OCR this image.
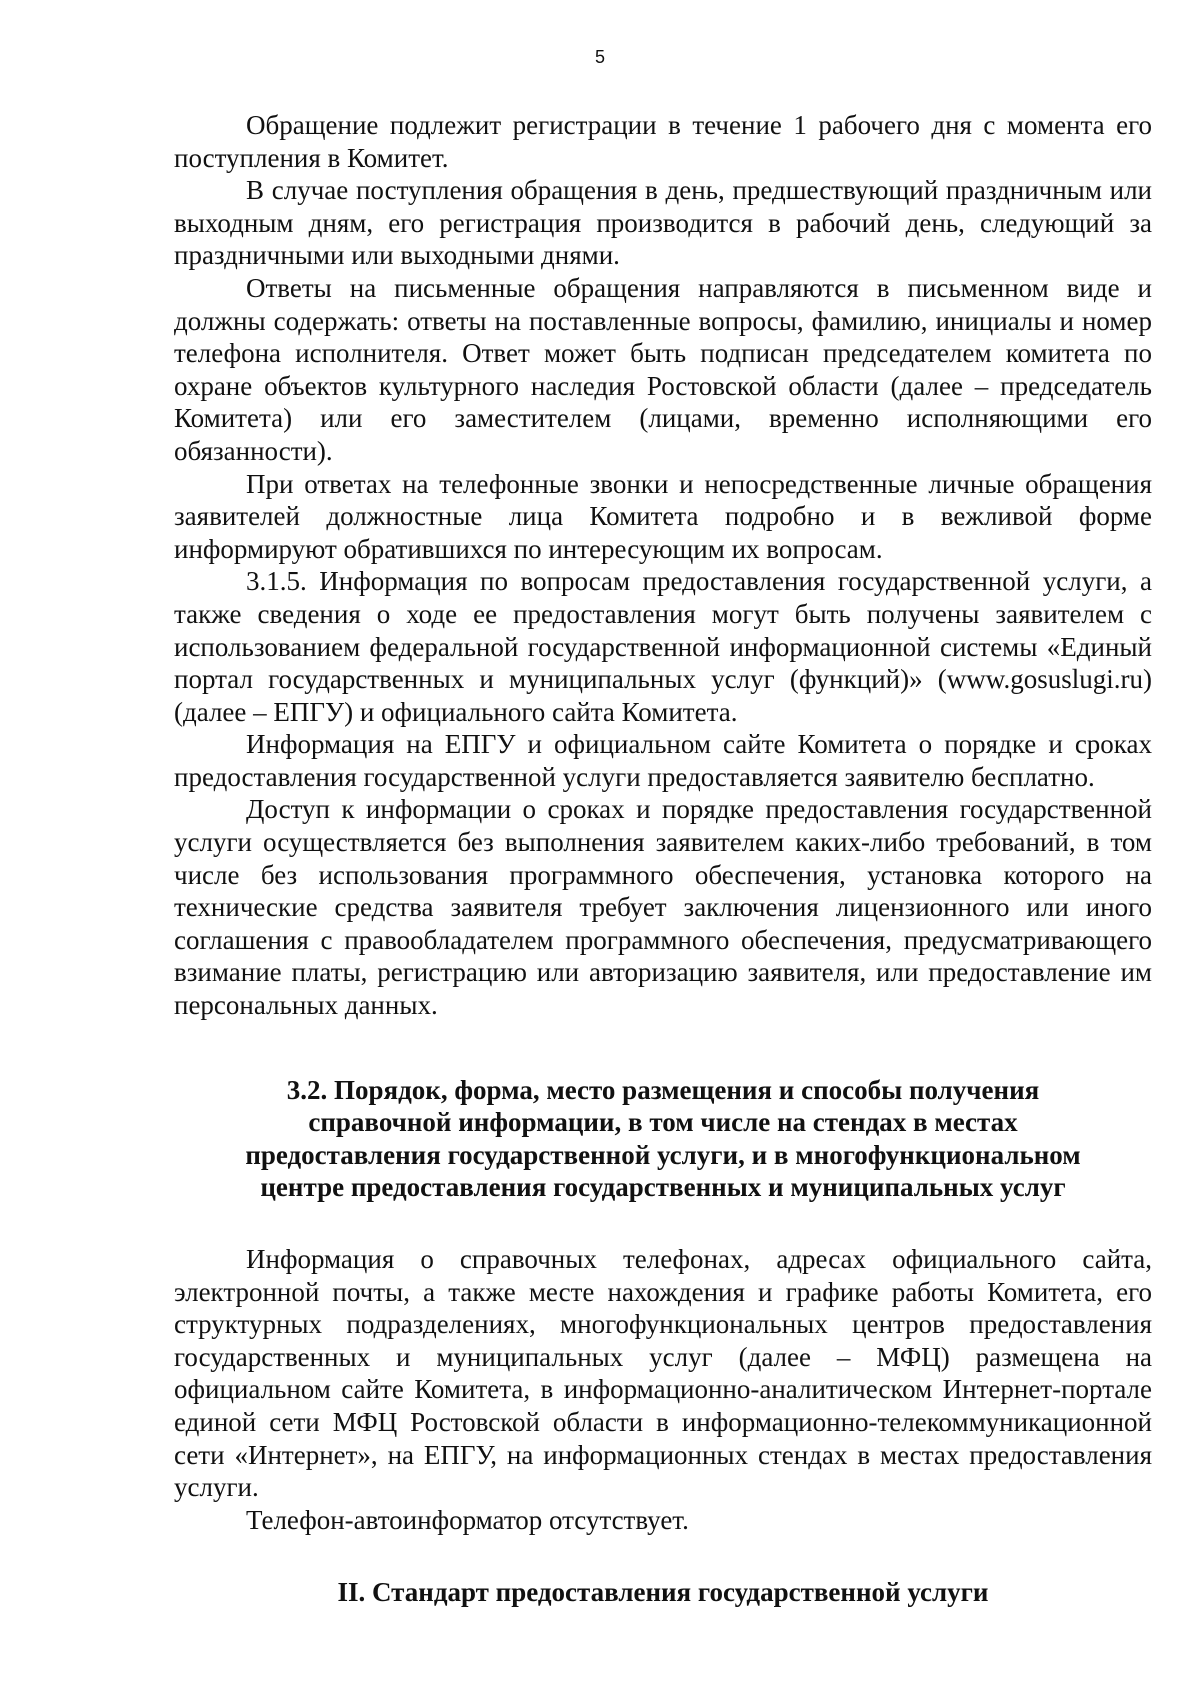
5

Обращение подлежит регистрации в течение 1 рабочего дня с момента его поступления в Комитет.

В случае поступления обращения в день, предшествующий праздничным или выходным дням, его регистрация производится в рабочий день, следующий за праздничными или выходными днями.

Ответы на письменные обращения направляются в письменном виде и должны содержать: ответы на поставленные вопросы, фамилию, инициалы и номер телефона исполнителя. Ответ может быть подписан председателем комитета по охране объектов культурного наследия Ростовской области (далее – председатель Комитета) или его заместителем (лицами, временно исполняющими его обязанности).

При ответах на телефонные звонки и непосредственные личные обращения заявителей должностные лица Комитета подробно и в вежливой форме информируют обратившихся по интересующим их вопросам.

3.1.5. Информация по вопросам предоставления государственной услуги, а также сведения о ходе ее предоставления могут быть получены заявителем с использованием федеральной государственной информационной системы «Единый портал государственных и муниципальных услуг (функций)» (www.gosuslugi.ru) (далее – ЕПГУ) и официального сайта Комитета.

Информация на ЕПГУ и официальном сайте Комитета о порядке и сроках предоставления государственной услуги предоставляется заявителю бесплатно.

Доступ к информации о сроках и порядке предоставления государственной услуги осуществляется без выполнения заявителем каких-либо требований, в том числе без использования программного обеспечения, установка которого на технические средства заявителя требует заключения лицензионного или иного соглашения с правообладателем программного обеспечения, предусматривающего взимание платы, регистрацию или авторизацию заявителя, или предоставление им персональных данных.

3.2. Порядок, форма, место размещения и способы получения
справочной информации, в том числе на стендах в местах
предоставления государственной услуги, и в многофункциональном
центре предоставления государственных и муниципальных услуг

Информация о справочных телефонах, адресах официального сайта, электронной почты, а также месте нахождения и графике работы Комитета, его структурных подразделениях, многофункциональных центров предоставления государственных и муниципальных услуг (далее – МФЦ) размещена на официальном сайте Комитета, в информационно-аналитическом Интернет-портале единой сети МФЦ Ростовской области в информационно-телекоммуникационной сети «Интернет», на ЕПГУ, на информационных стендах в местах предоставления услуги.

Телефон-автоинформатор отсутствует.

II. Стандарт предоставления государственной услуги
